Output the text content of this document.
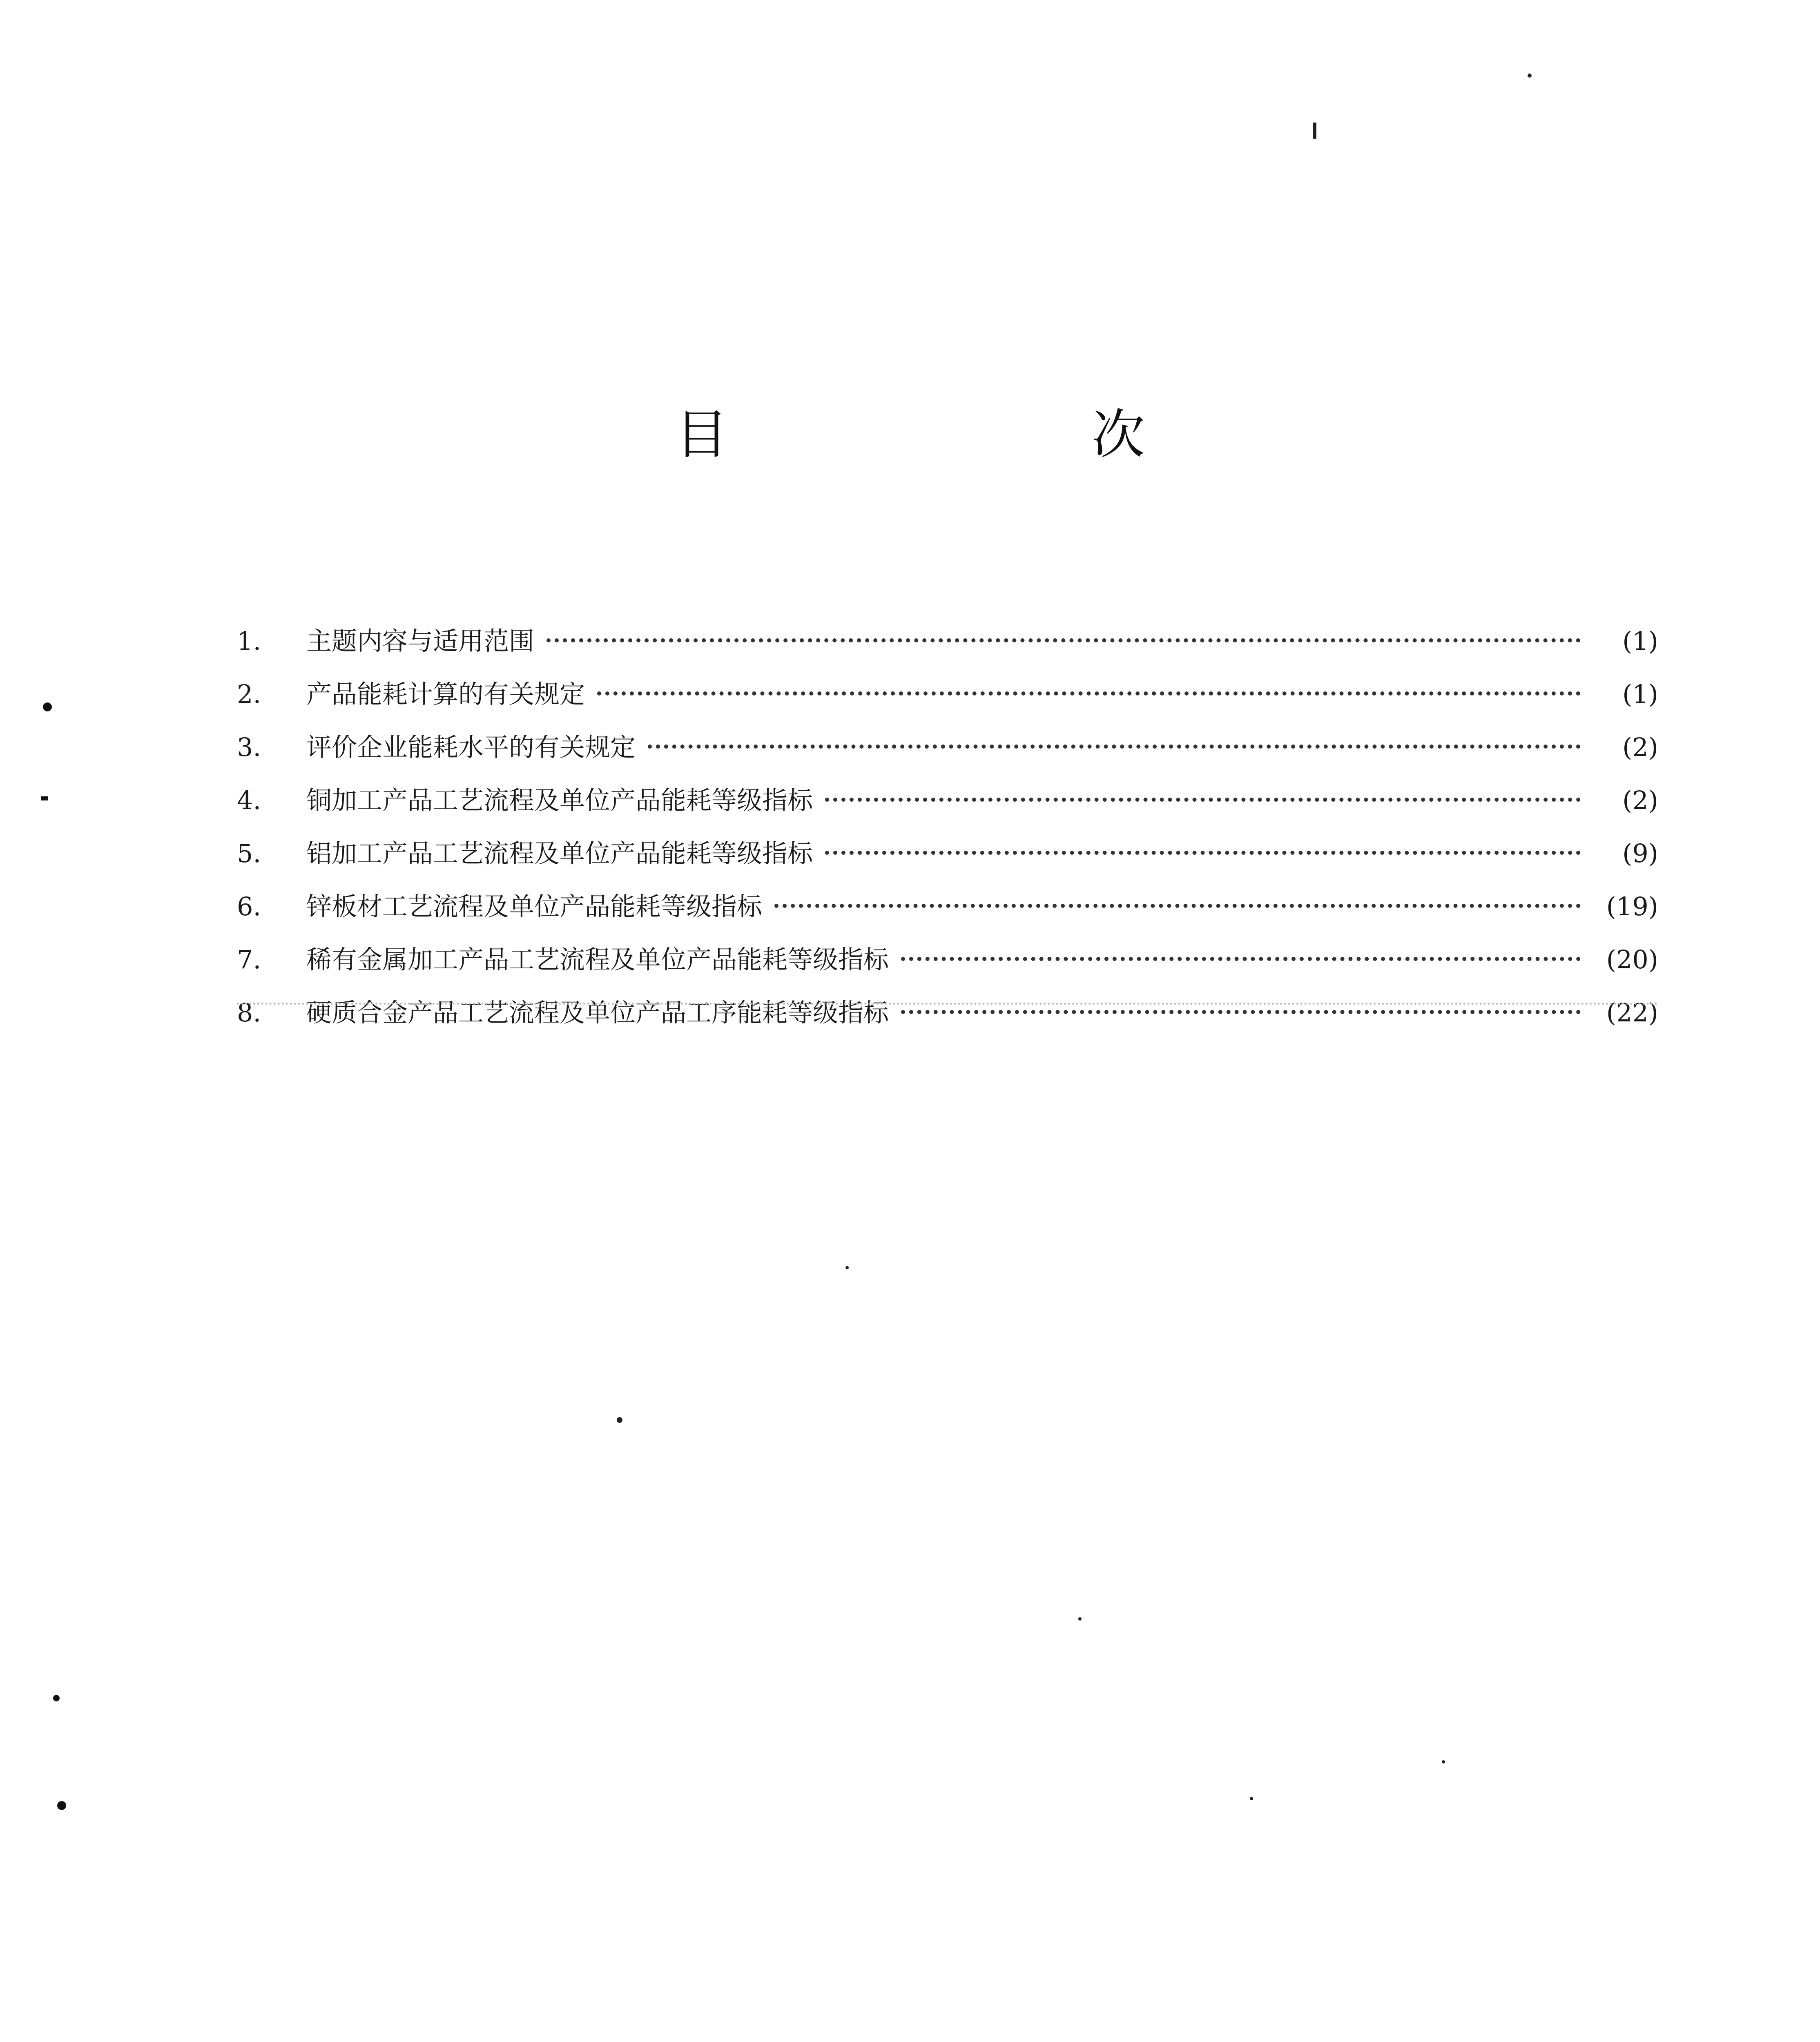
目　次
1.	主题内容与适用范围	(1)
2.	产品能耗计算的有关规定	(1)
3.	评价企业能耗水平的有关规定	(2)
4.	铜加工产品工艺流程及单位产品能耗等级指标	(2)
5.	铝加工产品工艺流程及单位产品能耗等级指标	(9)
6.	锌板材工艺流程及单位产品能耗等级指标	(19)
7.	稀有金属加工产品工艺流程及单位产品能耗等级指标	(20)
8.	硬质合金产品工艺流程及单位产品工序能耗等级指标	(22)
